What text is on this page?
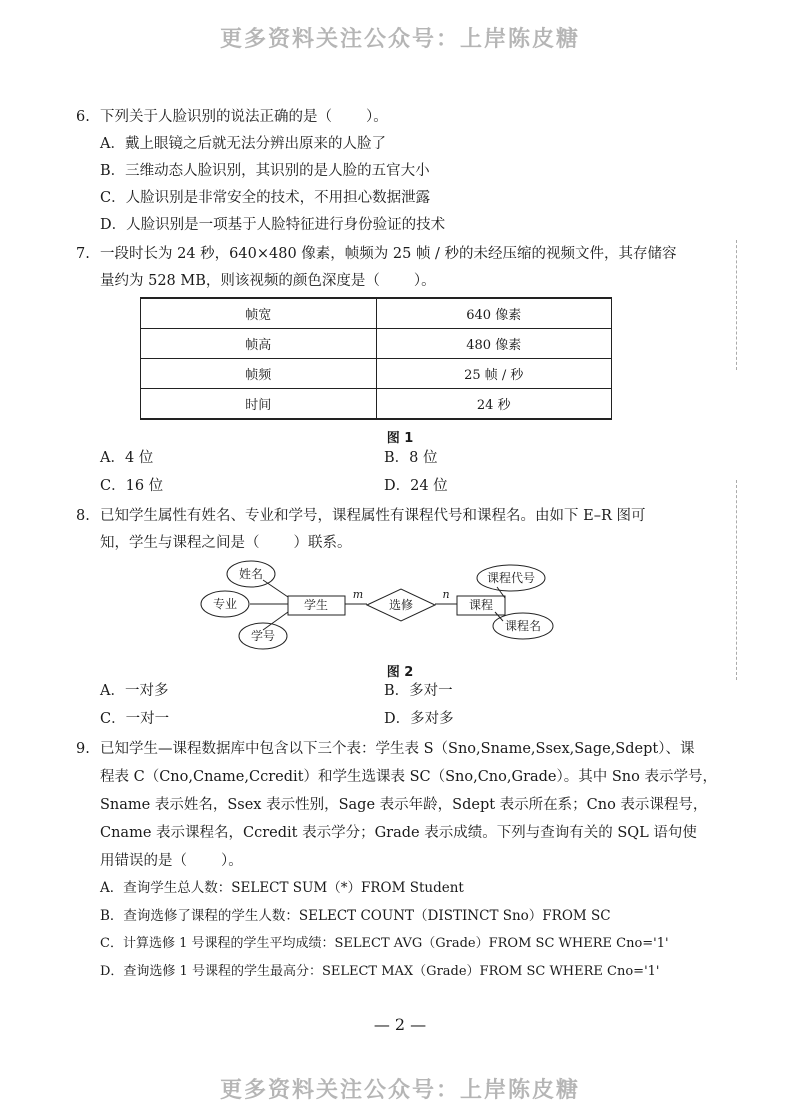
更多资料关注公众号：上岸陈皮糖
6. 下列关于人脸识别的说法正确的是（ ）。
A．戴上眼镜之后就无法分辨出原来的人脸了
B．三维动态人脸识别，其识别的是人脸的五官大小
C．人脸识别是非常安全的技术，不用担心数据泄露
D．人脸识别是一项基于人脸特征进行身份验证的技术
7. 一段时长为 24 秒，640×480 像素，帧频为 25 帧 / 秒的未经压缩的视频文件，其存储容
量约为 528 MB，则该视频的颜色深度是（ ）。
帧宽	640 像素
帧高	480 像素
帧频	25 帧 / 秒
时间	24 秒
图 1
A．4 位	B．8 位
C．16 位	D．24 位
8. 已知学生属性有姓名、专业和学号，课程属性有课程代号和课程名。由如下 E–R 图可
知，学生与课程之间是（ ）联系。
姓名
专业
学号
学生	选修	课程
课程代号
课程名
m	n
图 2
A．一对多	B．多对一
C．一对一	D．多对多
9. 已知学生—课程数据库中包含以下三个表：学生表 S（Sno,Sname,Ssex,Sage,Sdept）、课
程表 C（Cno,Cname,Ccredit）和学生选课表 SC（Sno,Cno,Grade）。其中 Sno 表示学号，
Sname 表示姓名，Ssex 表示性别，Sage 表示年龄，Sdept 表示所在系；Cno 表示课程号，
Cname 表示课程名，Ccredit 表示学分；Grade 表示成绩。下列与查询有关的 SQL 语句使
用错误的是（ ）。
A．查询学生总人数：SELECT SUM（*）FROM Student
B．查询选修了课程的学生人数：SELECT COUNT（DISTINCT Sno）FROM SC
C．计算选修 1 号课程的学生平均成绩：SELECT AVG（Grade）FROM SC WHERE Cno='1'
D．查询选修 1 号课程的学生最高分：SELECT MAX（Grade）FROM SC WHERE Cno='1'
— 2 —
更多资料关注公众号：上岸陈皮糖
